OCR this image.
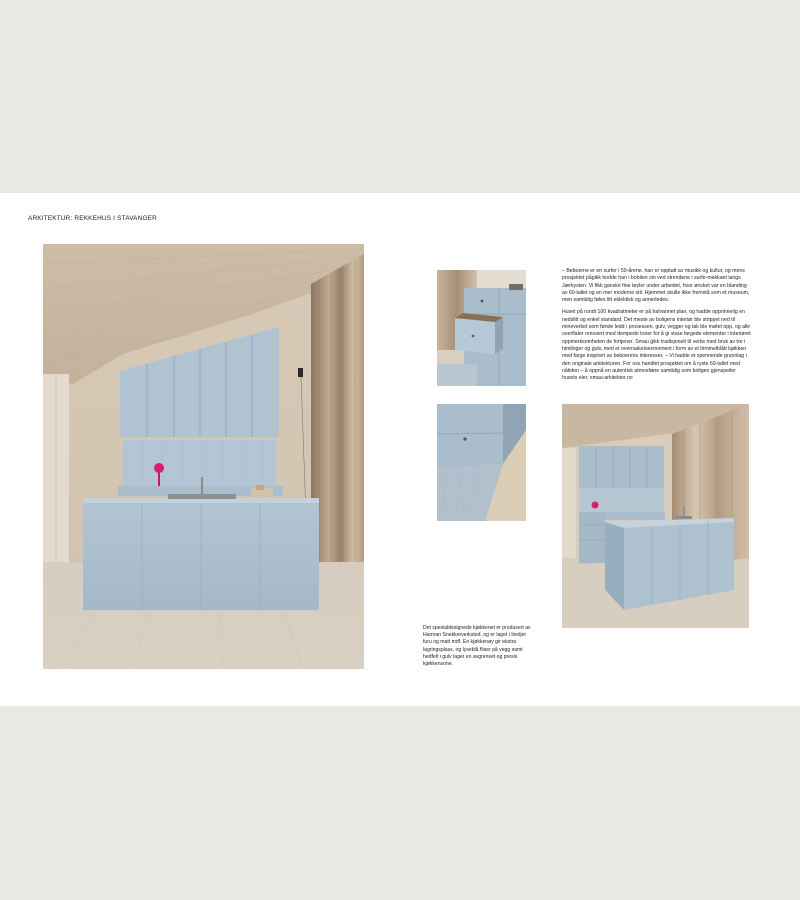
ARKITEKTUR: REKKEHUS I STAVANGER

– Beboerne er en surfer i 50-årene. han er opptatt av musikk og kultur, og mens prosjektet pågikk bodde han i bobilen sin ved strendene i surfe-mekkaet langs Jærkysten. Vi fikk ganske fine tøyler under arbeidet, hvor ønsket var en blanding av 60-tallet og en mer moderne stil. Hjemmet skulle ikke fremstå som et museum, men samtidig føles litt eklektisk og annerledes.

Huset på rundt 100 kvadratmeter er på halvannet plan, og hadde opprinnelig en nedslitt og enkel standard. Det meste av boligens interiør ble strippet ned til mineverket som første ledd i prosessen, gulv, vegger og tak ble møtet opp, og alle overflater renovert med dempede toner for å gi visse fargede elementer i interiøret oppmerksomheten de fortjener. Smau gikk tradisjonelt til verks med bruk av tre i himlinger og gulv, med et overraskelsesmoment i form av et himmelblått kjøkken med farge inspirert av beboerens interesser. – Vi hadde et spennende grunnlag i den originale arkitekturen. For oss handlet prosjektet om å ryste 60-tallet med nåtiden – å oppnå en autentisk atmosfære samtidig som boligen gjenspeiler husets eier, smau-arkitekter.no

Det spesialdesignede kjøkkenet er produsert av Hamran Snekkerverksted, og er laget i linoljet furu og matt mdf. En kjøkkenøy gir ekstra lagringsplass, og lyseblå fliser på vegg samt hedfelt i gulv lager en avgrenset og presis kjøkkensone.
